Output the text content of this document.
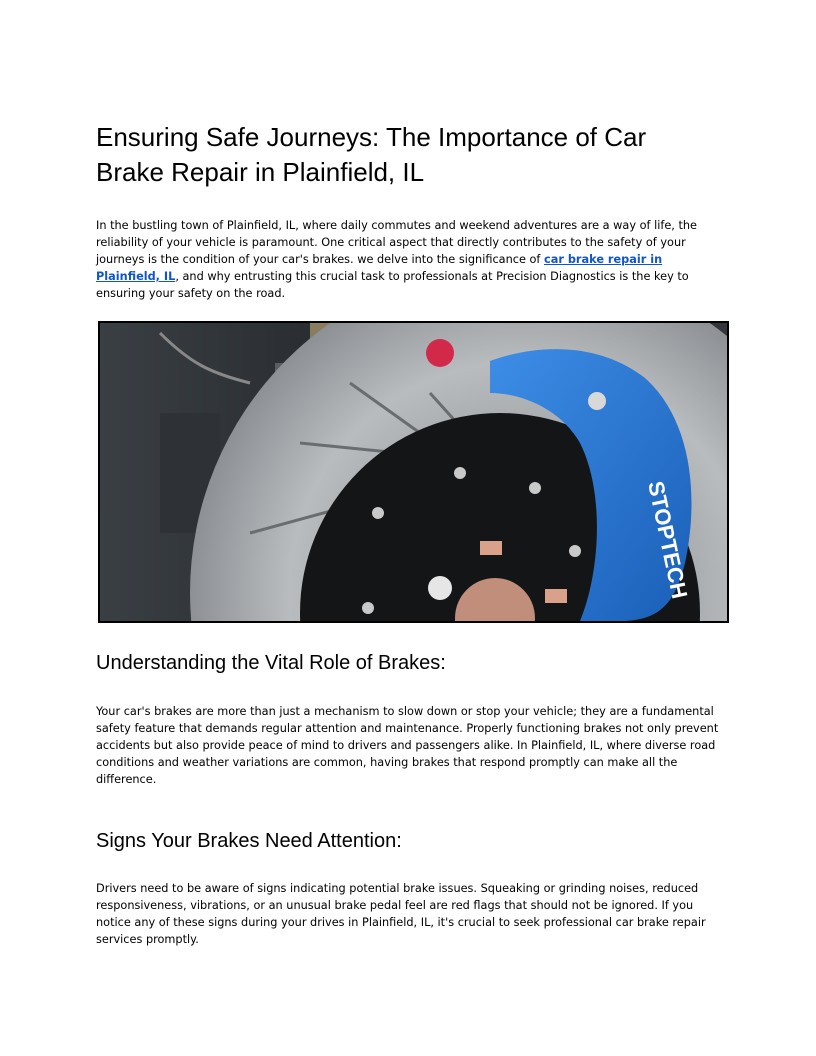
Ensuring Safe Journeys: The Importance of Car Brake Repair in Plainfield, IL

In the bustling town of Plainfield, IL, where daily commutes and weekend adventures are a way of life, the reliability of your vehicle is paramount. One critical aspect that directly contributes to the safety of your journeys is the condition of your car's brakes. we delve into the significance of car brake repair in Plainfield, IL, and why entrusting this crucial task to professionals at Precision Diagnostics is the key to ensuring your safety on the road.

STOPTECH
Understanding the Vital Role of Brakes:

Your car's brakes are more than just a mechanism to slow down or stop your vehicle; they are a fundamental safety feature that demands regular attention and maintenance. Properly functioning brakes not only prevent accidents but also provide peace of mind to drivers and passengers alike. In Plainfield, IL, where diverse road conditions and weather variations are common, having brakes that respond promptly can make all the difference.

Signs Your Brakes Need Attention:

Drivers need to be aware of signs indicating potential brake issues. Squeaking or grinding noises, reduced responsiveness, vibrations, or an unusual brake pedal feel are red flags that should not be ignored. If you notice any of these signs during your drives in Plainfield, IL, it's crucial to seek professional car brake repair services promptly.
